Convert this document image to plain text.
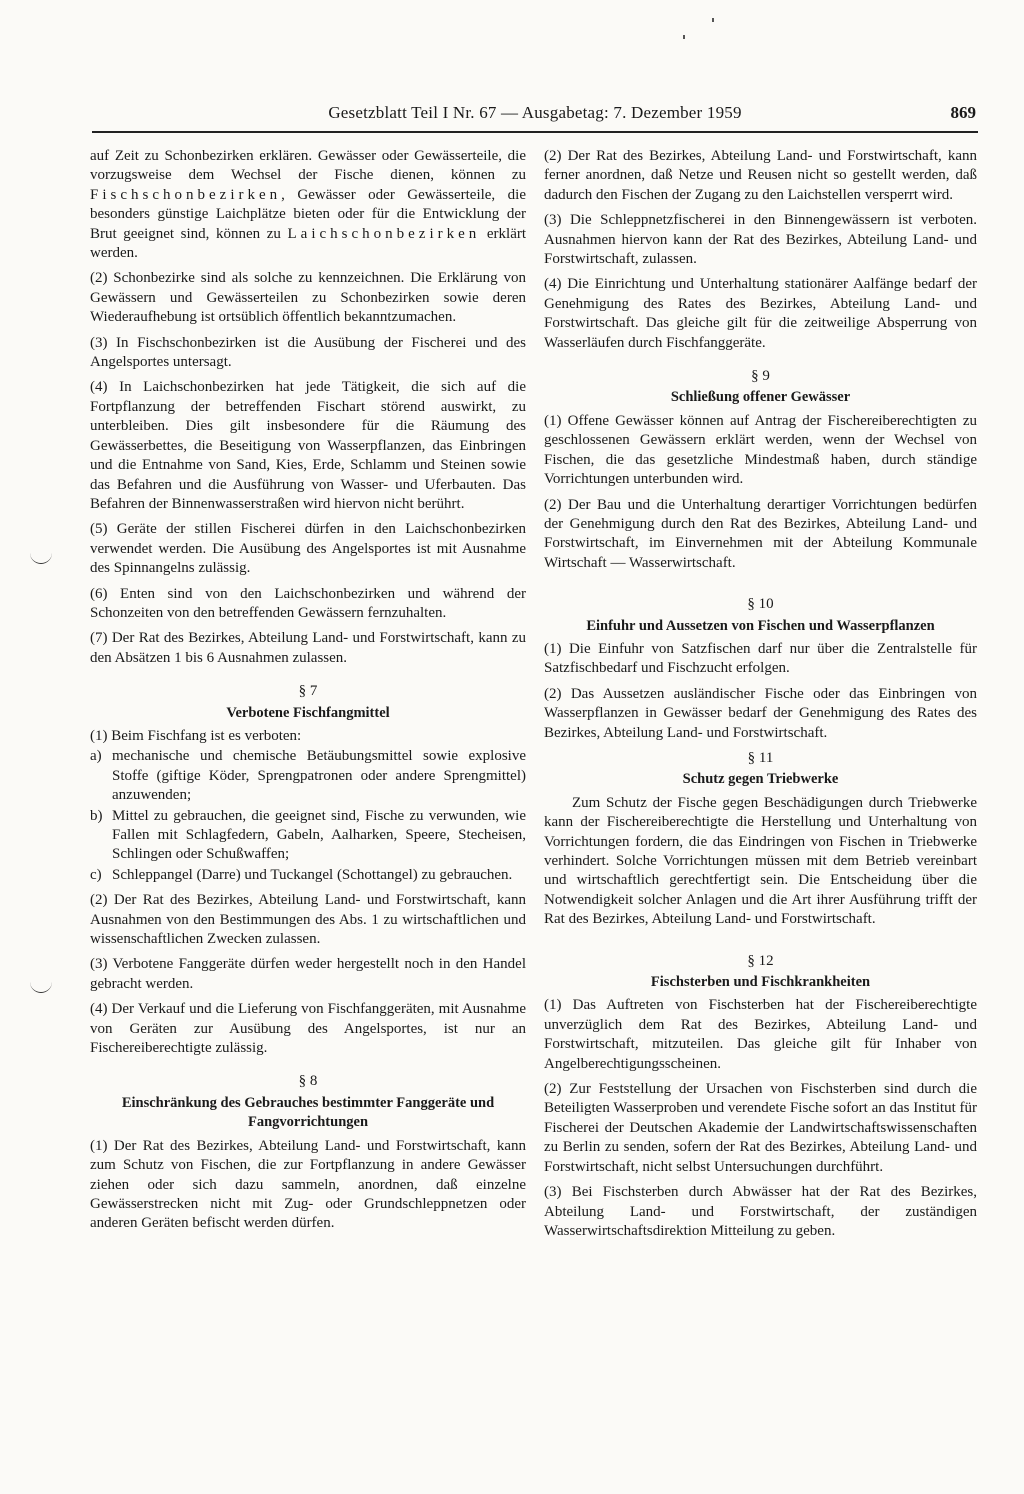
Gesetzblatt Teil I Nr. 67 — Ausgabetag: 7. Dezember 1959	869

auf Zeit zu Schonbezirken erklären. Gewässer oder Gewässerteile, die vorzugsweise dem Wechsel der Fische dienen, können zu Fischschonbezirken, Gewässer oder Gewässerteile, die besonders günstige Laichplätze bieten oder für die Entwicklung der Brut geeignet sind, können zu Laichschonbezirken erklärt werden.

(2) Schonbezirke sind als solche zu kennzeichnen. Die Erklärung von Gewässern und Gewässerteilen zu Schonbezirken sowie deren Wiederaufhebung ist ortsüblich öffentlich bekanntzumachen.

(3) In Fischschonbezirken ist die Ausübung der Fischerei und des Angelsportes untersagt.

(4) In Laichschonbezirken hat jede Tätigkeit, die sich auf die Fortpflanzung der betreffenden Fischart störend auswirkt, zu unterbleiben. Dies gilt insbesondere für die Räumung des Gewässerbettes, die Beseitigung von Wasserpflanzen, das Einbringen und die Entnahme von Sand, Kies, Erde, Schlamm und Steinen sowie das Befahren und die Ausführung von Wasser- und Uferbauten. Das Befahren der Binnenwasserstraßen wird hiervon nicht berührt.

(5) Geräte der stillen Fischerei dürfen in den Laichschonbezirken verwendet werden. Die Ausübung des Angelsportes ist mit Ausnahme des Spinnangelns zulässig.

(6) Enten sind von den Laichschonbezirken und während der Schonzeiten von den betreffenden Gewässern fernzuhalten.

(7) Der Rat des Bezirkes, Abteilung Land- und Forstwirtschaft, kann zu den Absätzen 1 bis 6 Ausnahmen zulassen.

§ 7
Verbotene Fischfangmittel

(1) Beim Fischfang ist es verboten:

a) mechanische und chemische Betäubungsmittel sowie explosive Stoffe (giftige Köder, Sprengpatronen oder andere Sprengmittel) anzuwenden;
b) Mittel zu gebrauchen, die geeignet sind, Fische zu verwunden, wie Fallen mit Schlagfedern, Gabeln, Aalharken, Speere, Stecheisen, Schlingen oder Schußwaffen;
c) Schleppangel (Darre) und Tuckangel (Schottangel) zu gebrauchen.

(2) Der Rat des Bezirkes, Abteilung Land- und Forstwirtschaft, kann Ausnahmen von den Bestimmungen des Abs. 1 zu wirtschaftlichen und wissenschaftlichen Zwecken zulassen.

(3) Verbotene Fanggeräte dürfen weder hergestellt noch in den Handel gebracht werden.

(4) Der Verkauf und die Lieferung von Fischfanggeräten, mit Ausnahme von Geräten zur Ausübung des Angelsportes, ist nur an Fischereiberechtigte zulässig.

§ 8
Einschränkung des Gebrauches bestimmter Fanggeräte und Fangvorrichtungen

(1) Der Rat des Bezirkes, Abteilung Land- und Forstwirtschaft, kann zum Schutz von Fischen, die zur Fortpflanzung in andere Gewässer ziehen oder sich dazu sammeln, anordnen, daß einzelne Gewässerstrecken nicht mit Zug- oder Grundschleppnetzen oder anderen Geräten befischt werden dürfen.

(2) Der Rat des Bezirkes, Abteilung Land- und Forstwirtschaft, kann ferner anordnen, daß Netze und Reusen nicht so gestellt werden, daß dadurch den Fischen der Zugang zu den Laichstellen versperrt wird.

(3) Die Schleppnetzfischerei in den Binnengewässern ist verboten. Ausnahmen hiervon kann der Rat des Bezirkes, Abteilung Land- und Forstwirtschaft, zulassen.

(4) Die Einrichtung und Unterhaltung stationärer Aalfänge bedarf der Genehmigung des Rates des Bezirkes, Abteilung Land- und Forstwirtschaft. Das gleiche gilt für die zeitweilige Absperrung von Wasserläufen durch Fischfanggeräte.

§ 9
Schließung offener Gewässer

(1) Offene Gewässer können auf Antrag der Fischereiberechtigten zu geschlossenen Gewässern erklärt werden, wenn der Wechsel von Fischen, die das gesetzliche Mindestmaß haben, durch ständige Vorrichtungen unterbunden wird.

(2) Der Bau und die Unterhaltung derartiger Vorrichtungen bedürfen der Genehmigung durch den Rat des Bezirkes, Abteilung Land- und Forstwirtschaft, im Einvernehmen mit der Abteilung Kommunale Wirtschaft — Wasserwirtschaft.

§ 10
Einfuhr und Aussetzen von Fischen und Wasserpflanzen

(1) Die Einfuhr von Satzfischen darf nur über die Zentralstelle für Satzfischbedarf und Fischzucht erfolgen.

(2) Das Aussetzen ausländischer Fische oder das Einbringen von Wasserpflanzen in Gewässer bedarf der Genehmigung des Rates des Bezirkes, Abteilung Land- und Forstwirtschaft.

§ 11
Schutz gegen Triebwerke

Zum Schutz der Fische gegen Beschädigungen durch Triebwerke kann der Fischereiberechtigte die Herstellung und Unterhaltung von Vorrichtungen fordern, die das Eindringen von Fischen in Triebwerke verhindert. Solche Vorrichtungen müssen mit dem Betrieb vereinbart und wirtschaftlich gerechtfertigt sein. Die Entscheidung über die Notwendigkeit solcher Anlagen und die Art ihrer Ausführung trifft der Rat des Bezirkes, Abteilung Land- und Forstwirtschaft.

§ 12
Fischsterben und Fischkrankheiten

(1) Das Auftreten von Fischsterben hat der Fischereiberechtigte unverzüglich dem Rat des Bezirkes, Abteilung Land- und Forstwirtschaft, mitzuteilen. Das gleiche gilt für Inhaber von Angelberechtigungsscheinen.

(2) Zur Feststellung der Ursachen von Fischsterben sind durch die Beteiligten Wasserproben und verendete Fische sofort an das Institut für Fischerei der Deutschen Akademie der Landwirtschaftswissenschaften zu Berlin zu senden, sofern der Rat des Bezirkes, Abteilung Land- und Forstwirtschaft, nicht selbst Untersuchungen durchführt.

(3) Bei Fischsterben durch Abwässer hat der Rat des Bezirkes, Abteilung Land- und Forstwirtschaft, der zuständigen Wasserwirtschaftsdirektion Mitteilung zu geben.
